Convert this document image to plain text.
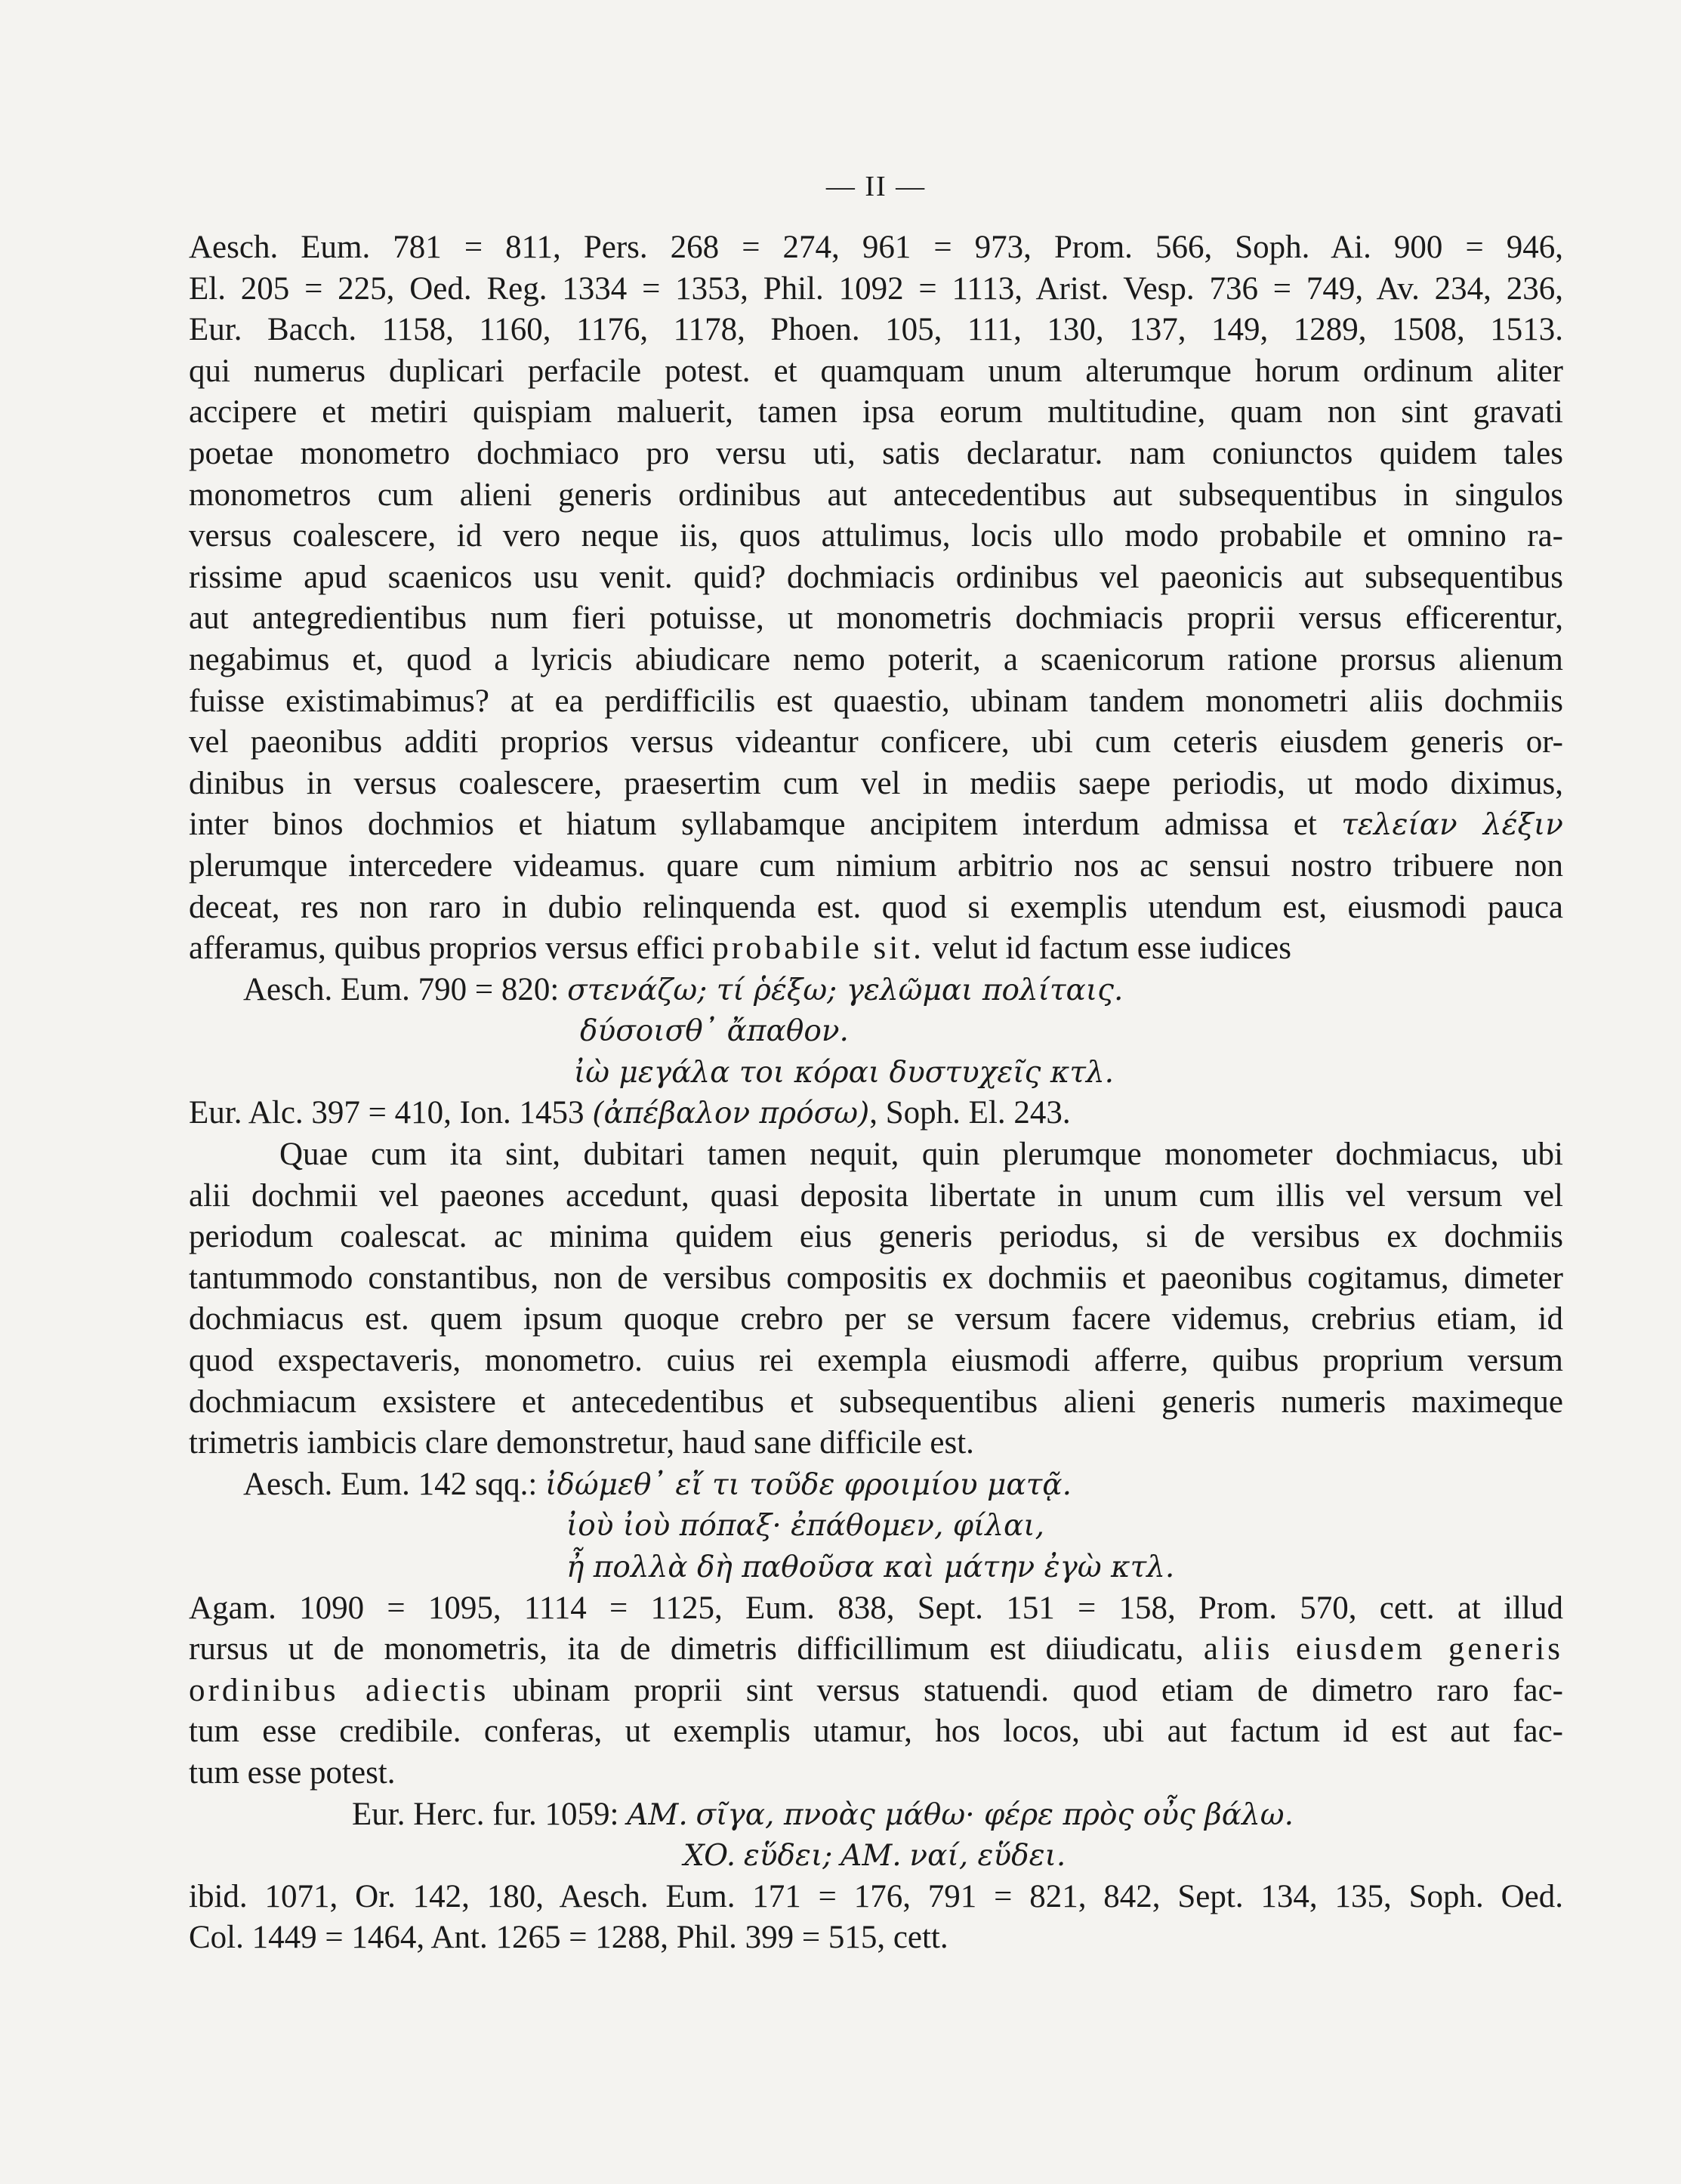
— II —
Aesch. Eum. 781 = 811, Pers. 268 = 274, 961 = 973, Prom. 566, Soph. Ai. 900 = 946,
El. 205 = 225, Oed. Reg. 1334 = 1353, Phil. 1092 = 1113, Arist. Vesp. 736 = 749, Av. 234, 236,
Eur. Bacch. 1158, 1160, 1176, 1178, Phoen. 105, 111, 130, 137, 149, 1289, 1508, 1513.
qui numerus duplicari perfacile potest. et quamquam unum alterumque horum ordinum aliter
accipere et metiri quispiam maluerit, tamen ipsa eorum multitudine, quam non sint gravati
poetae monometro dochmiaco pro versu uti, satis declaratur. nam coniunctos quidem tales
monometros cum alieni generis ordinibus aut antecedentibus aut subsequentibus in singulos
versus coalescere, id vero neque iis, quos attulimus, locis ullo modo probabile et omnino ra-
rissime apud scaenicos usu venit. quid? dochmiacis ordinibus vel paeonicis aut subsequentibus
aut antegredientibus num fieri potuisse, ut monometris dochmiacis proprii versus efficerentur,
negabimus et, quod a lyricis abiudicare nemo poterit, a scaenicorum ratione prorsus alienum
fuisse existimabimus? at ea perdifficilis est quaestio, ubinam tandem monometri aliis dochmiis
vel paeonibus additi proprios versus videantur conficere, ubi cum ceteris eiusdem generis or-
dinibus in versus coalescere, praesertim cum vel in mediis saepe periodis, ut modo diximus,
inter binos dochmios et hiatum syllabamque ancipitem interdum admissa et τελείαν λέξιν
plerumque intercedere videamus. quare cum nimium arbitrio nos ac sensui nostro tribuere non
deceat, res non raro in dubio relinquenda est. quod si exemplis utendum est, eiusmodi pauca
afferamus, quibus proprios versus effici probabile sit. velut id factum esse iudices
Aesch. Eum. 790 = 820: στενάζω; τί ῥέξω; γελῶμαι πολίταις.
δύσοισθ᾽ ἄπαθον.
ἰὼ μεγάλα τοι κόραι δυστυχεῖς κτλ.
Eur. Alc. 397 = 410, Ion. 1453 (ἀπέβαλον πρόσω), Soph. El. 243.
Quae cum ita sint, dubitari tamen nequit, quin plerumque monometer dochmiacus, ubi
alii dochmii vel paeones accedunt, quasi deposita libertate in unum cum illis vel versum vel
periodum coalescat. ac minima quidem eius generis periodus, si de versibus ex dochmiis
tantummodo constantibus, non de versibus compositis ex dochmiis et paeonibus cogitamus, dimeter
dochmiacus est. quem ipsum quoque crebro per se versum facere videmus, crebrius etiam, id
quod exspectaveris, monometro. cuius rei exempla eiusmodi afferre, quibus proprium versum
dochmiacum exsistere et antecedentibus et subsequentibus alieni generis numeris maximeque
trimetris iambicis clare demonstretur, haud sane difficile est.
Aesch. Eum. 142 sqq.: ἰδώμεθ᾽ εἴ τι τοῦδε φροιμίου ματᾷ.
ἰοὺ ἰοὺ πόπαξ· ἐπάθομεν, φίλαι,
ἦ πολλὰ δὴ παθοῦσα καὶ μάτην ἐγὼ κτλ.
Agam. 1090 = 1095, 1114 = 1125, Eum. 838, Sept. 151 = 158, Prom. 570, cett. at illud
rursus ut de monometris, ita de dimetris difficillimum est diiudicatu, aliis eiusdem generis
ordinibus adiectis ubinam proprii sint versus statuendi. quod etiam de dimetro raro fac-
tum esse credibile. conferas, ut exemplis utamur, hos locos, ubi aut factum id est aut fac-
tum esse potest.
Eur. Herc. fur. 1059: AM. σῖγα, πνοὰς μάθω· φέρε πρὸς οὖς βάλω.
XO. εὕδει; AM. ναί, εὕδει.
ibid. 1071, Or. 142, 180, Aesch. Eum. 171 = 176, 791 = 821, 842, Sept. 134, 135, Soph. Oed.
Col. 1449 = 1464, Ant. 1265 = 1288, Phil. 399 = 515, cett.
